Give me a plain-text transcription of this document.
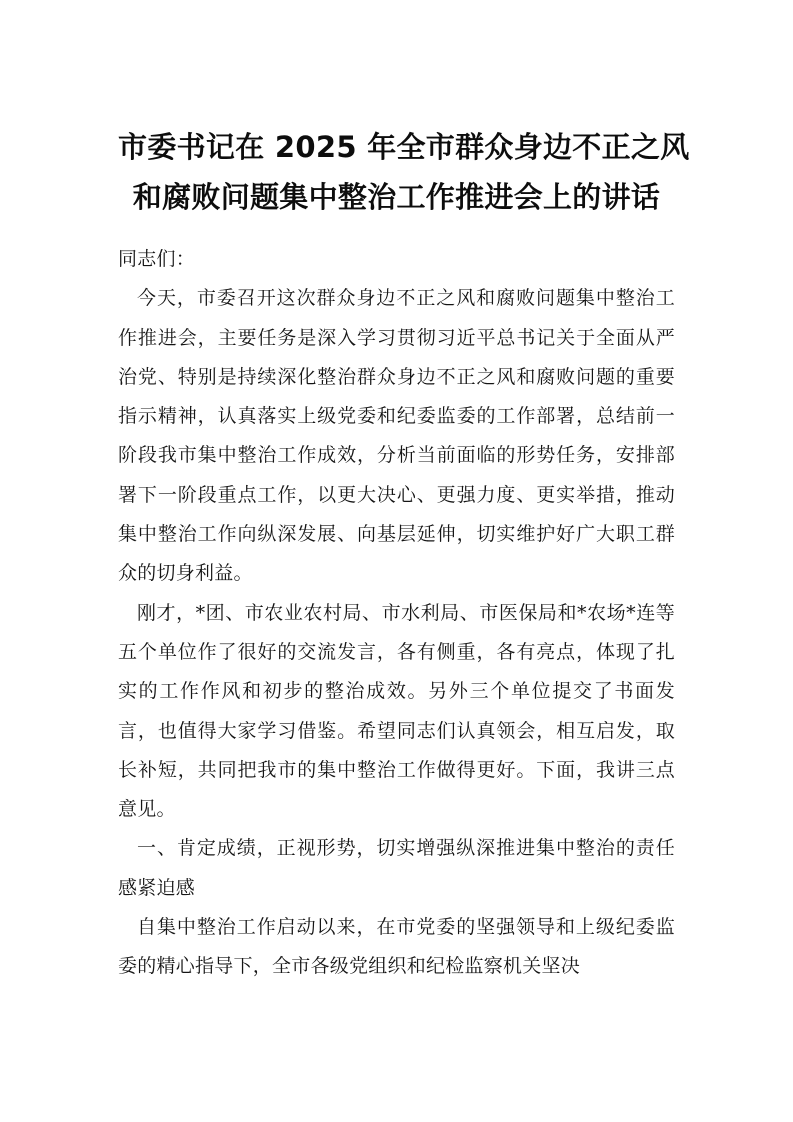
市委书记在 2025 年全市群众身边不正之风
和腐败问题集中整治工作推进会上的讲话

同志们：

今天，市委召开这次群众身边不正之风和腐败问题集中整治工作推进会，主要任务是深入学习贯彻习近平总书记关于全面从严治党、特别是持续深化整治群众身边不正之风和腐败问题的重要指示精神，认真落实上级党委和纪委监委的工作部署，总结前一阶段我市集中整治工作成效，分析当前面临的形势任务，安排部署下一阶段重点工作，以更大决心、更强力度、更实举措，推动集中整治工作向纵深发展、向基层延伸，切实维护好广大职工群众的切身利益。

刚才，*团、市农业农村局、市水利局、市医保局和*农场*连等五个单位作了很好的交流发言，各有侧重，各有亮点，体现了扎实的工作作风和初步的整治成效。另外三个单位提交了书面发言，也值得大家学习借鉴。希望同志们认真领会，相互启发，取长补短，共同把我市的集中整治工作做得更好。下面，我讲三点意见。

一、肯定成绩，正视形势，切实增强纵深推进集中整治的责任感紧迫感

自集中整治工作启动以来，在市党委的坚强领导和上级纪委监委的精心指导下，全市各级党组织和纪检监察机关坚决
